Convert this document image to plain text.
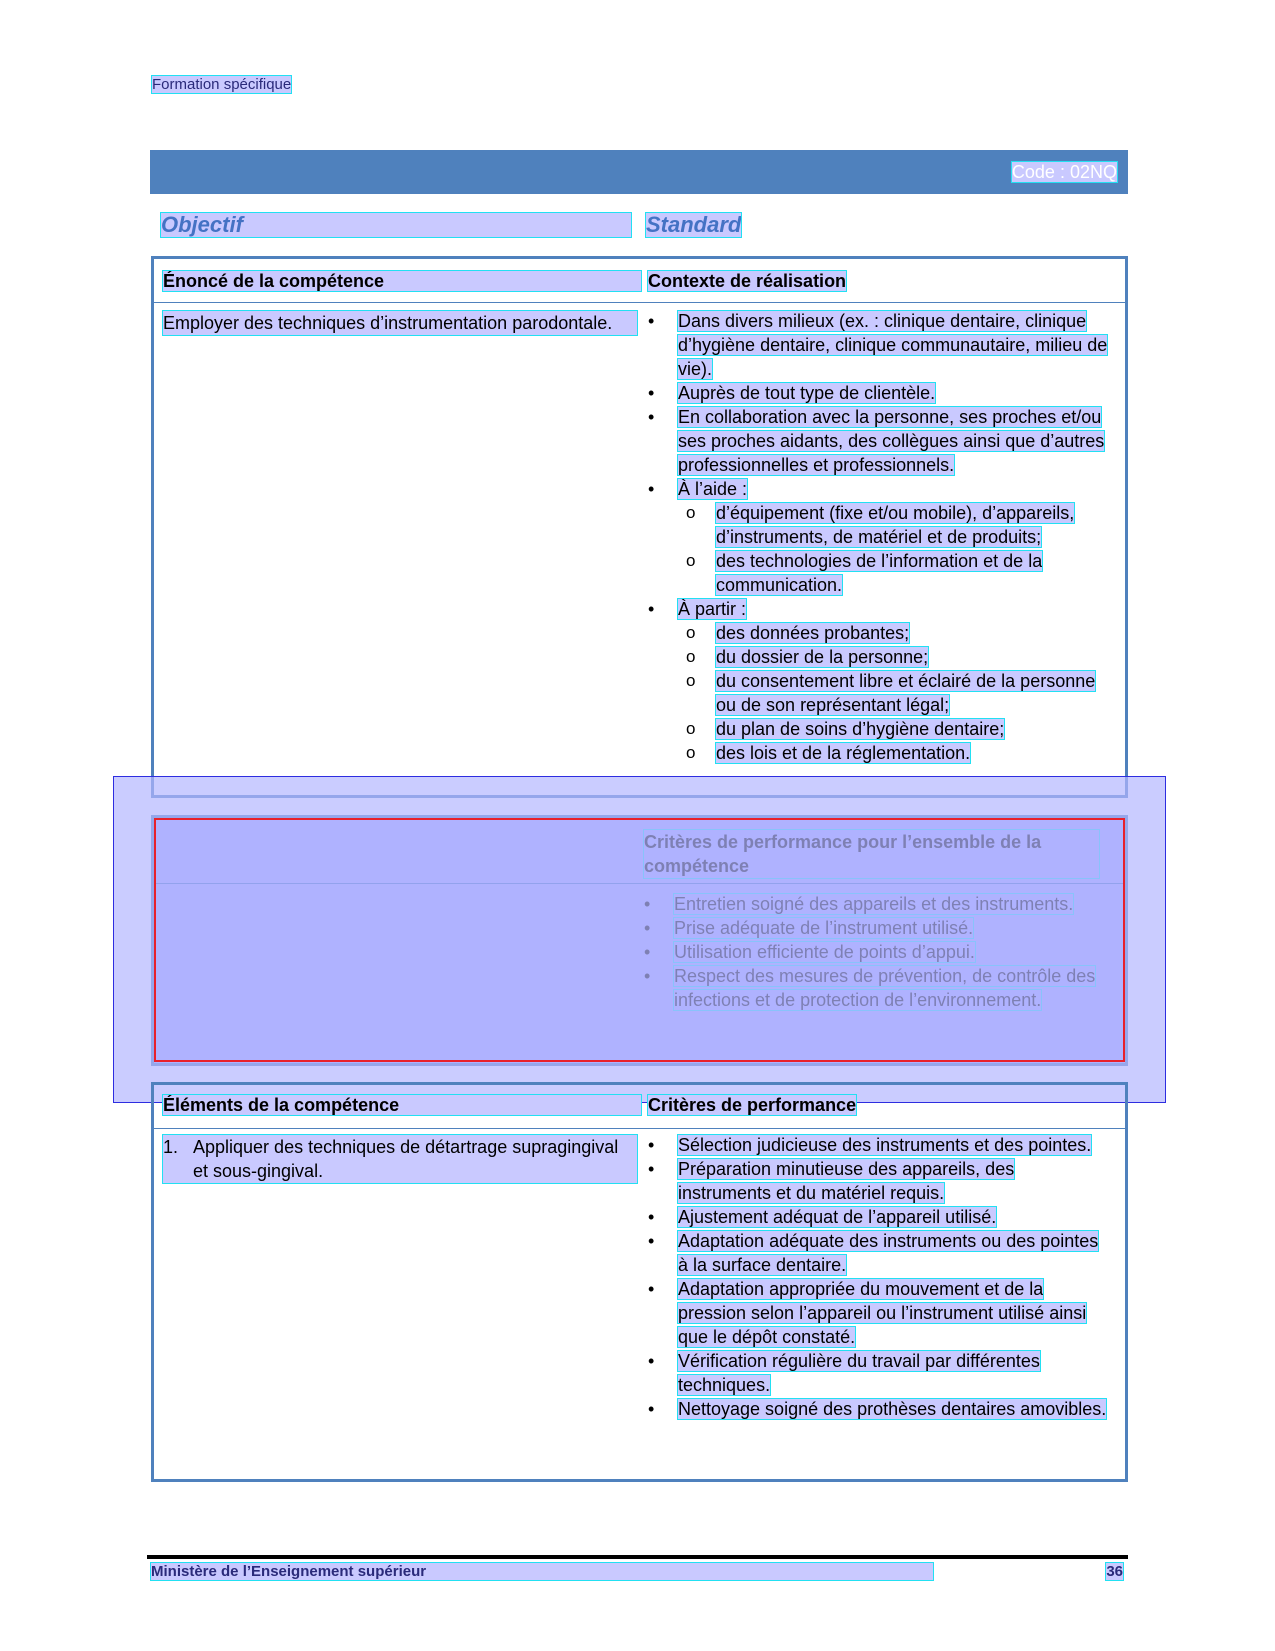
Formation spécifique
Code : 02NQ
Objectif	Standard
Énoncé de la compétence	Contexte de réalisation
Employer des techniques d’instrumentation parodontale.
•	Dans divers milieux (ex. : clinique dentaire, clinique d’hygiène dentaire, clinique communautaire, milieu de vie).
• Auprès de tout type de clientèle.
• En collaboration avec la personne, ses proches et/ou ses proches aidants, des collègues ainsi que d’autres professionnelles et professionnels.
• À l’aide :
o d’équipement (fixe et/ou mobile), d’appareils, d’instruments, de matériel et de produits;
o des technologies de l’information et de la communication.
• À partir :
o des données probantes;
o du dossier de la personne;
o du consentement libre et éclairé de la personne ou de son représentant légal;
o du plan de soins d’hygiène dentaire;
o des lois et de la réglementation.
•
•
•
•
Éléments de la compétence	Critères de performance
1. Appliquer des techniques de détartrage supragingival et sous-gingival.
• Sélection judicieuse des instruments et des pointes.
• Préparation minutieuse des appareils, des instruments et du matériel requis.
• Ajustement adéquat de l’appareil utilisé.
• Adaptation adéquate des instruments ou des pointes à la surface dentaire.
• Adaptation appropriée du mouvement et de la pression selon l’appareil ou l’instrument utilisé ainsi que le dépôt constaté.
• Vérification régulière du travail par différentes techniques.
• Nettoyage soigné des prothèses dentaires amovibles.
Ministère de l’Enseignement supérieur	36
